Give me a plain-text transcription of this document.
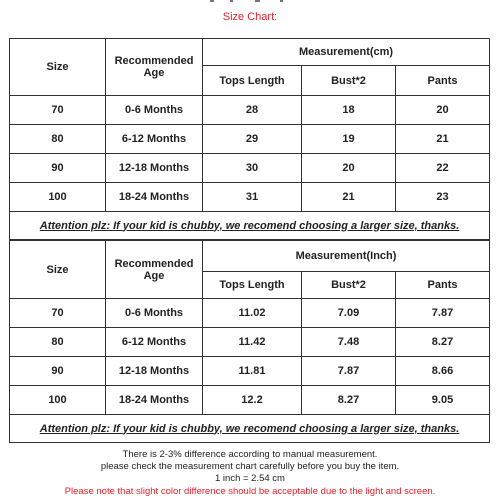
Size Chart:
Size	Recommended Age	Measurement(cm)		
		Tops Length	Bust*2	Pants
70	0-6 Months	28	18	20
80	6-12 Months	29	19	21
90	12-18 Months	30	20	22
100	18-24 Months	31	21	23
Attention plz: If your kid is chubby, we recomend choosing a larger size, thanks.				
Size	Recommended Age	Measurement(Inch)		
		Tops Length	Bust*2	Pants
70	0-6 Months	11.02	7.09	7.87
80	6-12 Months	11.42	7.48	8.27
90	12-18 Months	11.81	7.87	8.66
100	18-24 Months	12.2	8.27	9.05
Attention plz: If your kid is chubby, we recomend choosing a larger size, thanks.				
There is 2-3% difference according to manual measurement.
please check the measurement chart carefully before you buy the item.
1 inch = 2.54 cm
Please note that slight color difference should be acceptable due to the light and screen.
